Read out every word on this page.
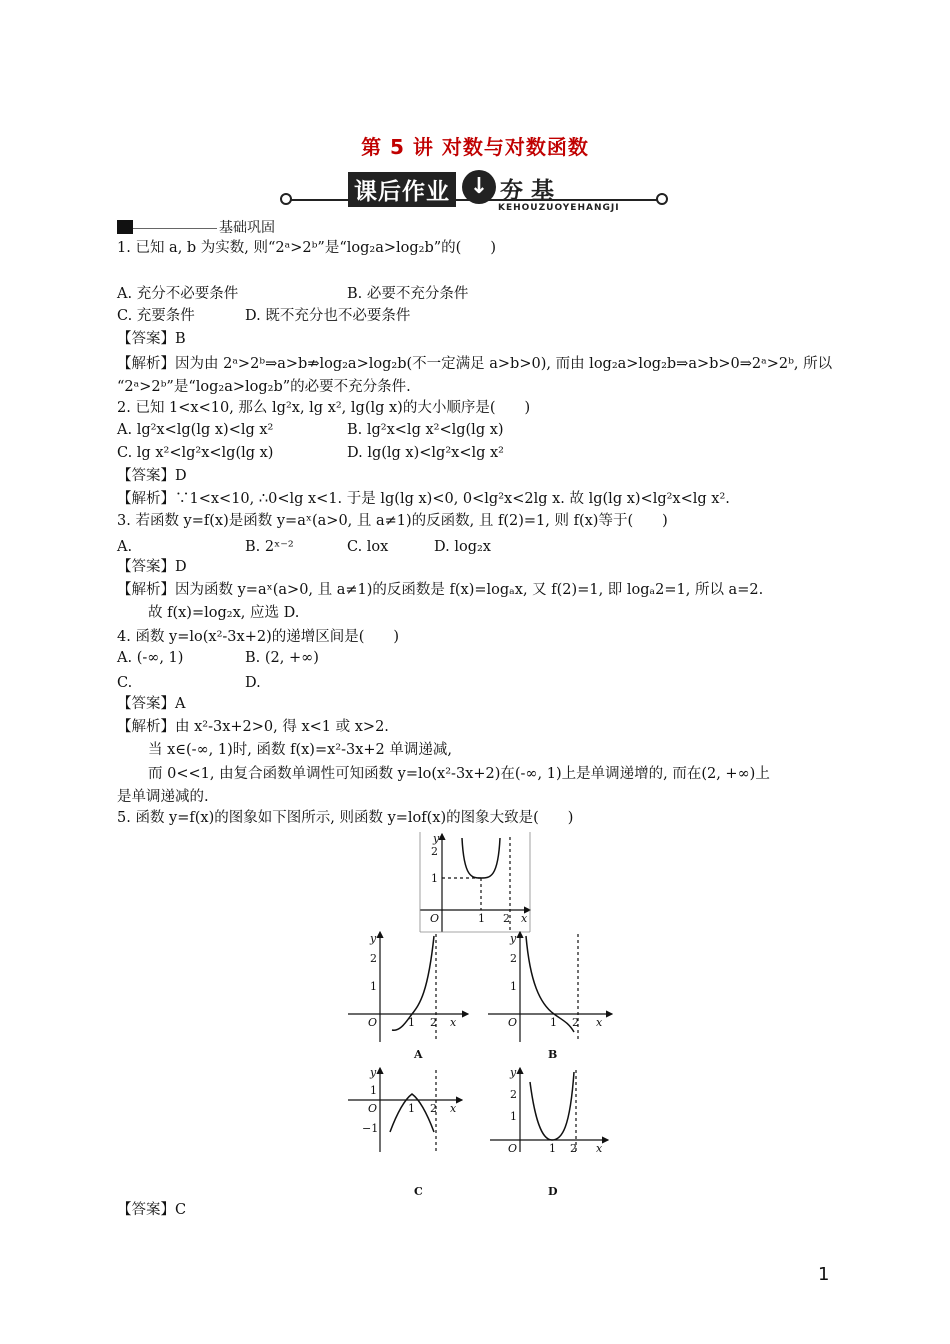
第 5 讲 对数与对数函数
课后作业 ↓ 夯 基
KEHOUZUOYEHANGJI
基础巩固
1. 已知 a, b 为实数, 则“2ᵃ>2ᵇ”是“log₂a>log₂b”的(　　)
A. 充分不必要条件	B. 必要不充分条件
C. 充要条件	D. 既不充分也不必要条件
【答案】B
【解析】因为由 2ᵃ>2ᵇ⇒a>b⇏log₂a>log₂b(不一定满足 a>b>0), 而由 log₂a>log₂b⇒a>b>0⇒2ᵃ>2ᵇ, 所以
“2ᵃ>2ᵇ”是“log₂a>log₂b”的必要不充分条件.
2. 已知 1<x<10, 那么 lg²x, lg x², lg(lg x)的大小顺序是(　　)
A. lg²x<lg(lg x)<lg x²	B. lg²x<lg x²<lg(lg x)
C. lg x²<lg²x<lg(lg x)	D. lg(lg x)<lg²x<lg x²
【答案】D
【解析】∵1<x<10, ∴0<lg x<1. 于是 lg(lg x)<0, 0<lg²x<2lg x. 故 lg(lg x)<lg²x<lg x².
3. 若函数 y=f(x)是函数 y=aˣ(a>0, 且 a≠1)的反函数, 且 f(2)=1, 则 f(x)等于(　　)
A.	B. 2ˣ⁻²	C. lox	D. log₂x
【答案】D
【解析】因为函数 y=aˣ(a>0, 且 a≠1)的反函数是 f(x)=logₐx, 又 f(2)=1, 即 logₐ2=1, 所以 a=2.
故 f(x)=log₂x, 应选 D.
4. 函数 y=lo(x²-3x+2)的递增区间是(　　)
A. (-∞, 1)	B. (2, +∞)
C.	D.
【答案】A
【解析】由 x²-3x+2>0, 得 x<1 或 x>2.
当 x∈(-∞, 1)时, 函数 f(x)=x²-3x+2 单调递减,
而 0<<1, 由复合函数单调性可知函数 y=lo(x²-3x+2)在(-∞, 1)上是单调递增的, 而在(2, +∞)上
是单调递减的.
5. 函数 y=f(x)的图象如下图所示, 则函数 y=lof(x)的图象大致是(　　)
y
2
1
O	1 2 x
y
2
1
O	1 2 x
A
y
2
1
O	1 2 x
B
y
1
−1
O	1 2 x
C
y
2
1
O	1 2 x
D
【答案】C
1
